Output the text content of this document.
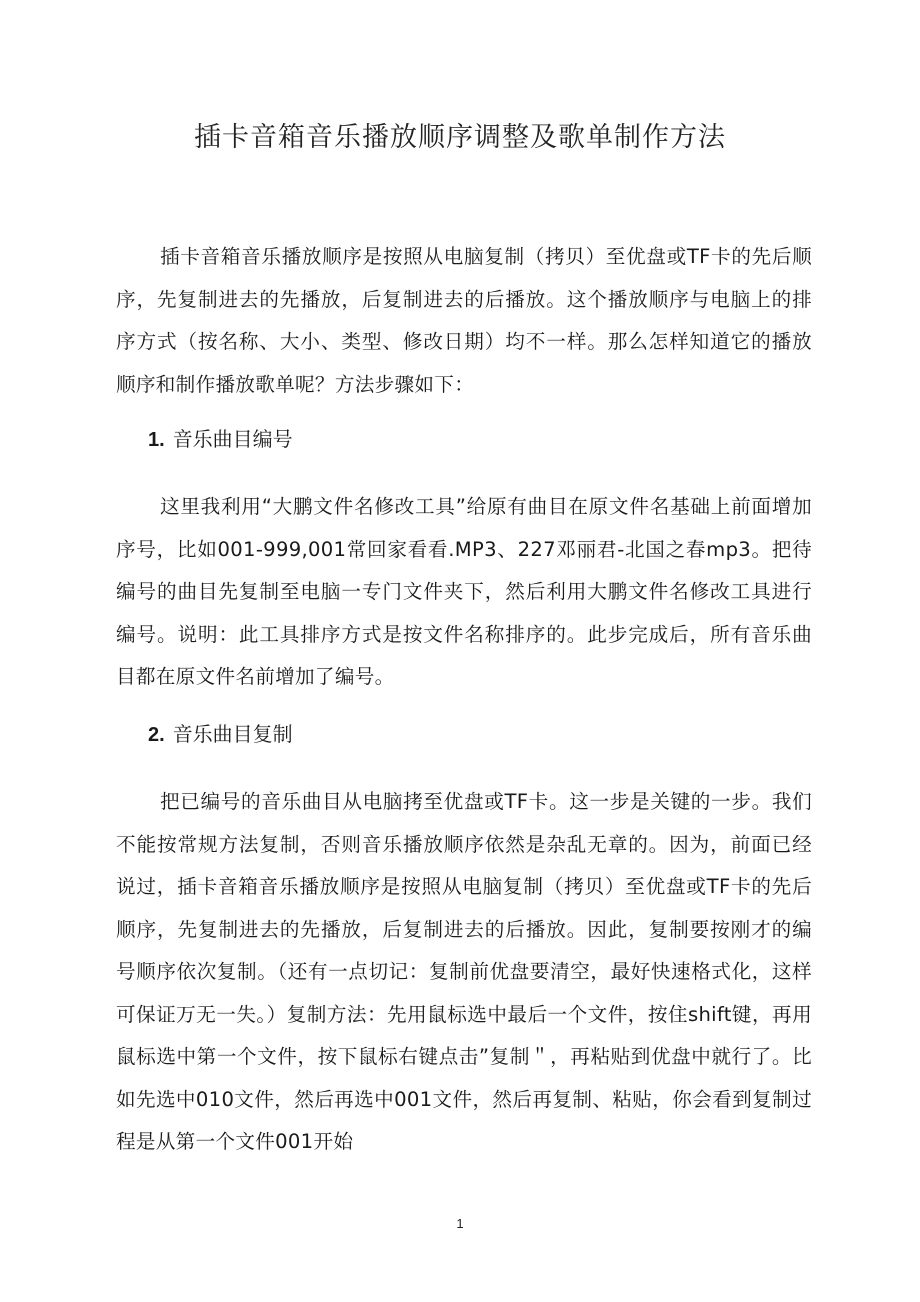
插卡音箱音乐播放顺序调整及歌单制作方法

插卡音箱音乐播放顺序是按照从电脑复制（拷贝）至优盘或TF卡的先后顺序，先复制进去的先播放，后复制进去的后播放。这个播放顺序与电脑上的排序方式（按名称、大小、类型、修改日期）均不一样。那么怎样知道它的播放顺序和制作播放歌单呢？方法步骤如下：

1. 音乐曲目编号

这里我利用“大鹏文件名修改工具”给原有曲目在原文件名基础上前面增加序号，比如001-999,001常回家看看.MP3、227邓丽君-北国之春mp3。把待编号的曲目先复制至电脑一专门文件夹下，然后利用大鹏文件名修改工具进行编号。说明：此工具排序方式是按文件名称排序的。此步完成后，所有音乐曲目都在原文件名前增加了编号。

2. 音乐曲目复制

把已编号的音乐曲目从电脑拷至优盘或TF卡。这一步是关键的一步。我们不能按常规方法复制，否则音乐播放顺序依然是杂乱无章的。因为，前面已经说过，插卡音箱音乐播放顺序是按照从电脑复制（拷贝）至优盘或TF卡的先后顺序，先复制进去的先播放，后复制进去的后播放。因此，复制要按刚才的编号顺序依次复制。（还有一点切记：复制前优盘要清空，最好快速格式化，这样可保证万无一失。）复制方法：先用鼠标选中最后一个文件，按住shift键，再用鼠标选中第一个文件，按下鼠标右键点击”复制＂，再粘贴到优盘中就行了。比如先选中010文件，然后再选中001文件，然后再复制、粘贴，你会看到复制过程是从第一个文件001开始

1
